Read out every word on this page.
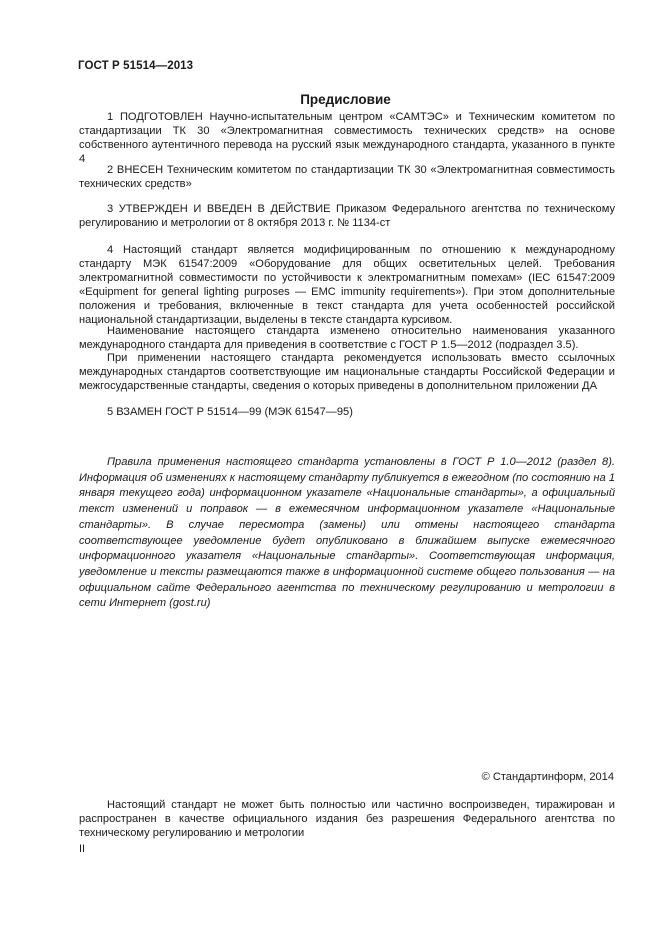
ГОСТ Р 51514—2013
Предисловие

1 ПОДГОТОВЛЕН Научно-испытательным центром «САМТЭС» и Техническим комитетом по стандартизации ТК 30 «Электромагнитная совместимость технических средств» на основе собственного аутентичного перевода на русский язык международного стандарта, указанного в пункте 4

2 ВНЕСЕН Техническим комитетом по стандартизации ТК 30 «Электромагнитная совместимость технических средств»

3 УТВЕРЖДЕН И ВВЕДЕН В ДЕЙСТВИЕ Приказом Федерального агентства по техническому регулированию и метрологии от 8 октября 2013 г. № 1134-ст

4 Настоящий стандарт является модифицированным по отношению к международному стандарту МЭК 61547:2009 «Оборудование для общих осветительных целей. Требования электромагнитной совместимости по устойчивости к электромагнитным помехам» (IEC 61547:2009 «Equipment for general lighting purposes — EMC immunity requirements»). При этом дополнительные положения и требования, включенные в текст стандарта для учета особенностей российской национальной стандартизации, выделены в тексте стандарта курсивом.

Наименование настоящего стандарта изменено относительно наименования указанного международного стандарта для приведения в соответствие с ГОСТ Р 1.5—2012 (подраздел 3.5).

При применении настоящего стандарта рекомендуется использовать вместо ссылочных международных стандартов соответствующие им национальные стандарты Российской Федерации и межгосударственные стандарты, сведения о которых приведены в дополнительном приложении ДА

5 ВЗАМЕН ГОСТ Р 51514—99 (МЭК 61547—95)

Правила применения настоящего стандарта установлены в ГОСТ Р 1.0—2012 (раздел 8). Информация об изменениях к настоящему стандарту публикуется в ежегодном (по состоянию на 1 января текущего года) информационном указателе «Национальные стандарты», а официальный текст изменений и поправок — в ежемесячном информационном указателе «Национальные стандарты». В случае пересмотра (замены) или отмены настоящего стандарта соответствующее уведомление будет опубликовано в ближайшем выпуске ежемесячного информационного указателя «Национальные стандарты». Соответствующая информация, уведомление и тексты размещаются также в информационной системе общего пользования — на официальном сайте Федерального агентства по техническому регулированию и метрологии в сети Интернет (gost.ru)

© Стандартинформ, 2014

Настоящий стандарт не может быть полностью или частично воспроизведен, тиражирован и распространен в качестве официального издания без разрешения Федерального агентства по техническому регулированию и метрологии

II
